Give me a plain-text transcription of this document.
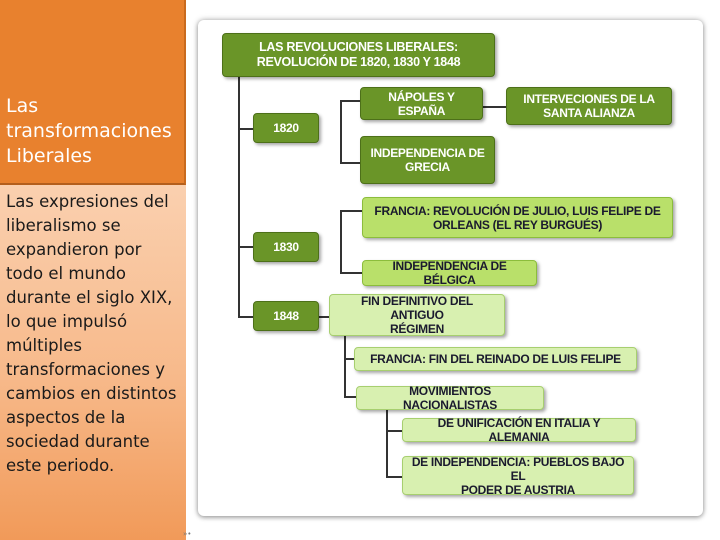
Las
transformaciones
Liberales
Las expresiones del
liberalismo se
expandieron por
todo el mundo
durante el siglo XIX,
lo que impulsó
múltiples
transformaciones y
cambios en distintos
aspectos de la
sociedad durante
este periodo.
»•
LAS REVOLUCIONES LIBERALES:
REVOLUCIÓN DE 1820, 1830 Y 1848
1820
1830
1848
NÁPOLES Y ESPAÑA
INTERVECIONES DE LA
SANTA ALIANZA
INDEPENDENCIA DE
GRECIA
FRANCIA: REVOLUCIÓN DE JULIO, LUIS FELIPE DE
ORLEANS (EL REY BURGUÉS)
INDEPENDENCIA DE BÉLGICA
FIN DEFINITIVO DEL ANTIGUO
RÉGIMEN
FRANCIA: FIN DEL REINADO DE LUIS FELIPE
MOVIMIENTOS NACIONALISTAS
DE UNIFICACIÓN EN ITALIA Y ALEMANIA
DE INDEPENDENCIA: PUEBLOS BAJO EL
PODER DE AUSTRIA
